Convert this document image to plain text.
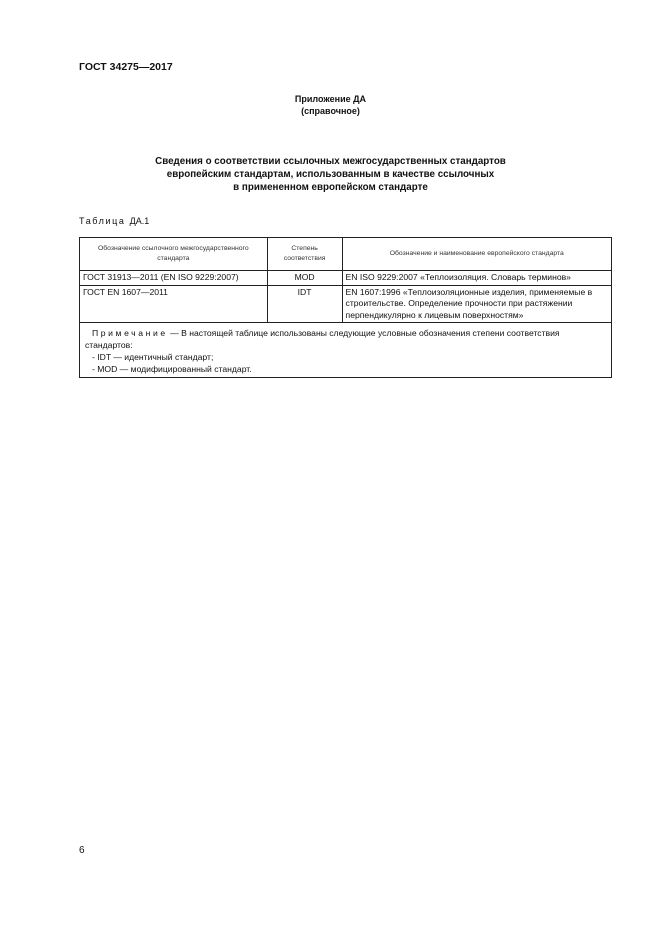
ГОСТ 34275—2017
Приложение ДА
(справочное)
Сведения о соответствии ссылочных межгосударственных стандартов
европейским стандартам, использованным в качестве ссылочных
в примененном европейском стандарте
Таблица ДА.1
Обозначение ссылочного межгосударственного стандарта	Степень соответствия	Обозначение и наименование европейского стандарта
ГОСТ 31913—2011 (EN ISO 9229:2007)	MOD	EN ISO 9229:2007 «Теплоизоляция. Словарь терминов»
ГОСТ EN 1607—2011	IDT	EN 1607:1996 «Теплоизоляционные изделия, применяемые в строительстве. Определение прочности при растяжении перпендикулярно к лицевым поверхностям»
Примечание — В настоящей таблице использованы следующие условные обозначения степени соответствия стандартов:
- IDT — идентичный стандарт;
- MOD — модифицированный стандарт.		
6
